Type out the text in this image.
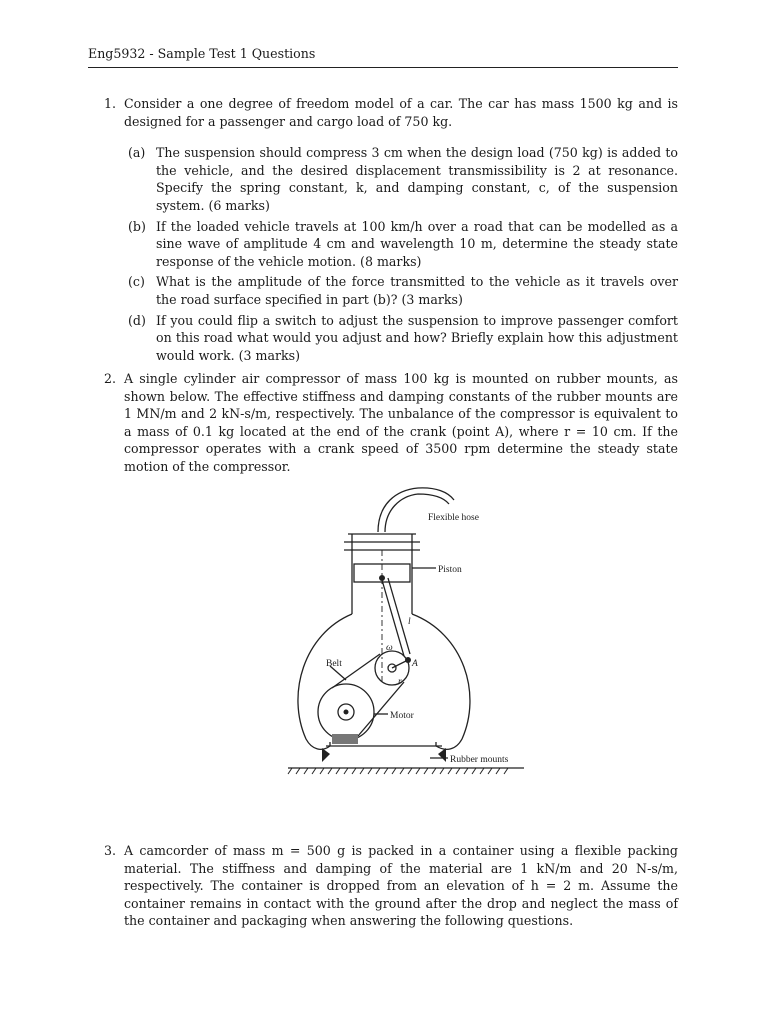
Eng5932 - Sample Test 1 Questions
1. Consider a one degree of freedom model of a car. The car has mass 1500 kg and is designed for a passenger and cargo load of 750 kg.
(a) The suspension should compress 3 cm when the design load (750 kg) is added to the vehicle, and the desired displacement transmissibility is 2 at resonance. Specify the spring constant, k, and damping constant, c, of the suspension system. (6 marks)
(b) If the loaded vehicle travels at 100 km/h over a road that can be modelled as a sine wave of amplitude 4 cm and wavelength 10 m, determine the steady state response of the vehicle motion. (8 marks)
(c) What is the amplitude of the force transmitted to the vehicle as it travels over the road surface specified in part (b)? (3 marks)
(d) If you could flip a switch to adjust the suspension to improve passenger comfort on this road what would you adjust and how? Briefly explain how this adjustment would work. (3 marks)
2. A single cylinder air compressor of mass 100 kg is mounted on rubber mounts, as shown below. The effective stiffness and damping constants of the rubber mounts are 1 MN/m and 2 kN-s/m, respectively. The unbalance of the compressor is equivalent to a mass of 0.1 kg located at the end of the crank (point A), where r = 10 cm. If the compressor operates with a crank speed of 3500 rpm determine the steady state motion of the compressor.
Flexible hose
Piston
Belt
Motor
Rubber mounts
A
l
ω
r
3. A camcorder of mass m = 500 g is packed in a container using a flexible packing material. The stiffness and damping of the material are 1 kN/m and 20 N-s/m, respectively. The container is dropped from an elevation of h = 2 m. Assume the container remains in contact with the ground after the drop and neglect the mass of the container and packaging when answering the following questions.
